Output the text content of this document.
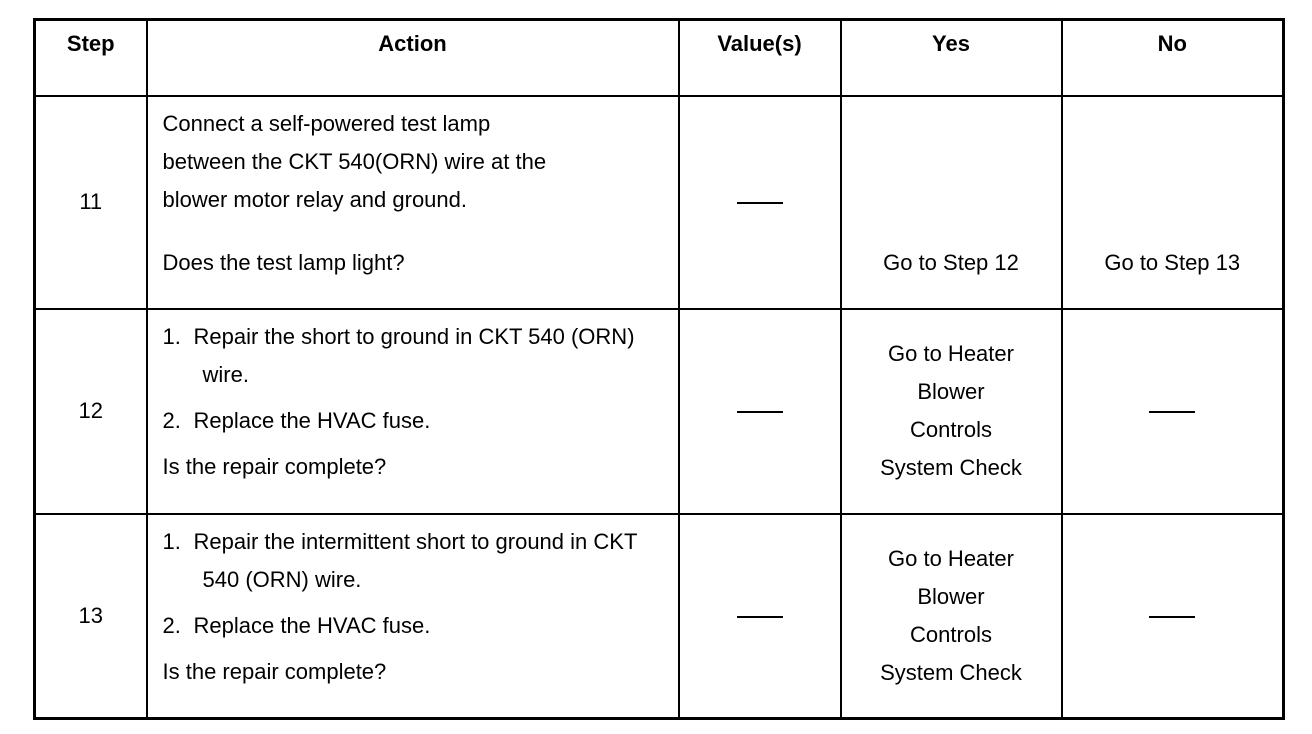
Step	Action	Value(s)	Yes	No
11	Connect a self-powered test lamp
between the CKT 540(ORN) wire at the
blower motor relay and ground.
Does the test lamp light?		Go to Step 12	Go to Step 13
12	1. Repair the short to ground in CKT 540 (ORN) wire.
2. Replace the HVAC fuse.
Is the repair complete?		Go to Heater
Blower
Controls
System Check	

13	1. Repair the intermittent short to ground in CKT 540 (ORN) wire.
2. Replace the HVAC fuse.
Is the repair complete?		Go to Heater
Blower
Controls
System Check	
